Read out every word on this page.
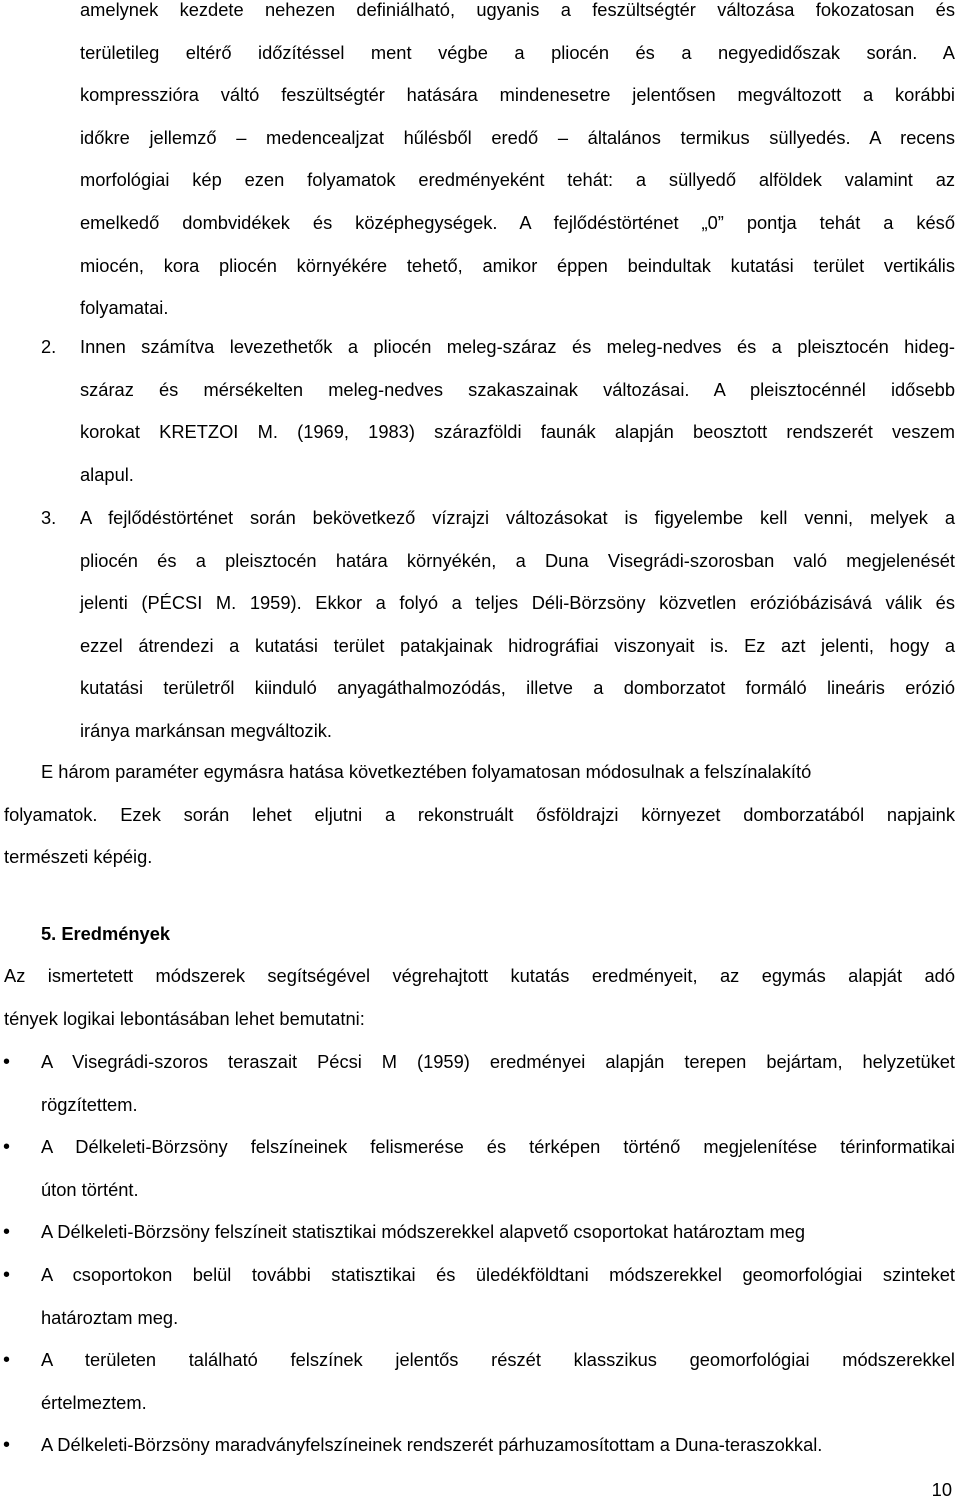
amelynek kezdete nehezen definiálható, ugyanis a feszültségtér változása fokozatosan és
területileg eltérő időzítéssel ment végbe a pliocén és a negyedidőszak során. A
kompresszióra váltó feszültségtér hatására mindenesetre jelentősen megváltozott a korábbi
időkre jellemző – medencealjzat hűlésből eredő – általános termikus süllyedés. A recens
morfológiai kép ezen folyamatok eredményeként tehát: a süllyedő alföldek valamint az
emelkedő dombvidékek és középhegységek. A fejlődéstörténet „0” pontja tehát a késő
miocén, kora pliocén környékére tehető, amikor éppen beindultak kutatási terület vertikális
folyamatai.
2. Innen számítva levezethetők a pliocén meleg-száraz és meleg-nedves és a pleisztocén hideg-
száraz és mérsékelten meleg-nedves szakaszainak változásai. A pleisztocénnél idősebb
korokat KRETZOI M. (1969, 1983) szárazföldi faunák alapján beosztott rendszerét veszem
alapul.
3. A fejlődéstörténet során bekövetkező vízrajzi változásokat is figyelembe kell venni, melyek a
pliocén és a pleisztocén határa környékén, a Duna Visegrádi-szorosban való megjelenését
jelenti (PÉCSI M. 1959). Ekkor a folyó a teljes Déli-Börzsöny közvetlen erózióbázisává válik és
ezzel átrendezi a kutatási terület patakjainak hidrográfiai viszonyait is. Ez azt jelenti, hogy a
kutatási területről kiinduló anyagáthalmozódás, illetve a domborzatot formáló lineáris erózió
iránya markánsan megváltozik.
E három paraméter egymásra hatása következtében folyamatosan módosulnak a felszínalakító
folyamatok. Ezek során lehet eljutni a rekonstruált ősföldrajzi környezet domborzatából napjaink
természeti képéig.
5. Eredmények
Az ismertetett módszerek segítségével végrehajtott kutatás eredményeit, az egymás alapját adó
tények logikai lebontásában lehet bemutatni:
• A Visegrádi-szoros teraszait Pécsi M (1959) eredményei alapján terepen bejártam, helyzetüket
rögzítettem.
• A Délkeleti-Börzsöny felszíneinek felismerése és térképen történő megjelenítése térinformatikai
úton történt.
• A Délkeleti-Börzsöny felszíneit statisztikai módszerekkel alapvető csoportokat határoztam meg
• A csoportokon belül további statisztikai és üledékföldtani módszerekkel geomorfológiai szinteket
határoztam meg.
• A területen található felszínek jelentős részét klasszikus geomorfológiai módszerekkel
értelmeztem.
• A Délkeleti-Börzsöny maradványfelszíneinek rendszerét párhuzamosítottam a Duna-teraszokkal.
10
